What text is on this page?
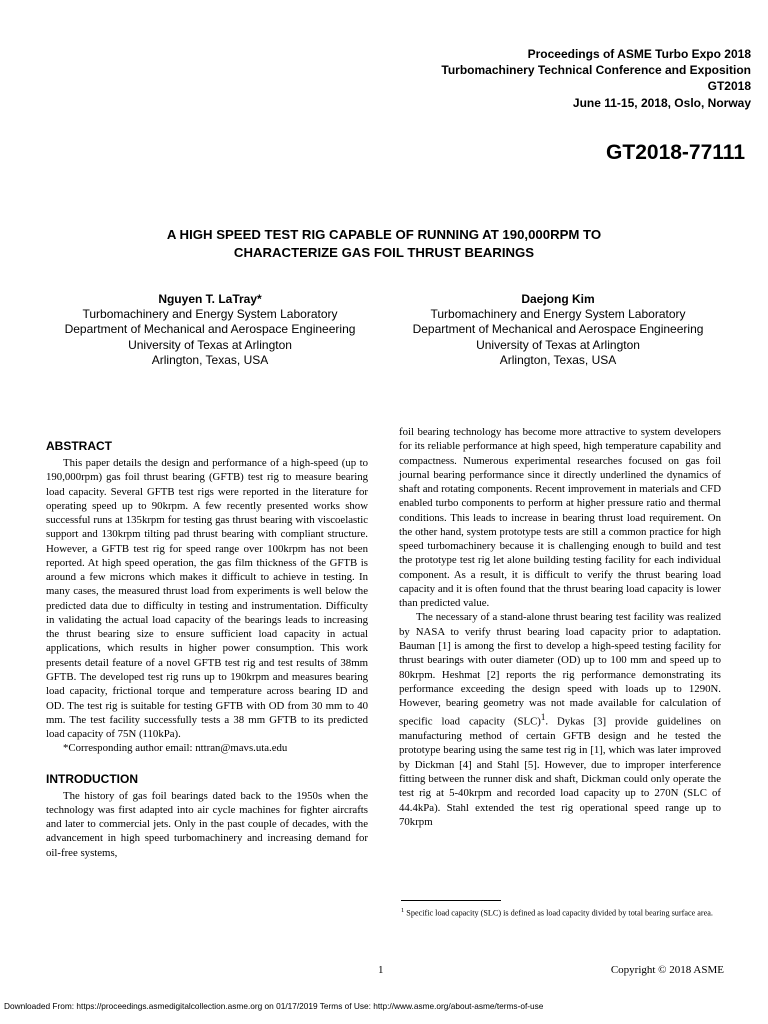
Proceedings of ASME Turbo Expo 2018
Turbomachinery Technical Conference and Exposition
GT2018
June 11-15, 2018, Oslo, Norway
GT2018-77111
A HIGH SPEED TEST RIG CAPABLE OF RUNNING AT 190,000RPM TO
CHARACTERIZE GAS FOIL THRUST BEARINGS
Nguyen T. LaTray*
Turbomachinery and Energy System Laboratory
Department of Mechanical and Aerospace Engineering
University of Texas at Arlington
Arlington, Texas, USA
Daejong Kim
Turbomachinery and Energy System Laboratory
Department of Mechanical and Aerospace Engineering
University of Texas at Arlington
Arlington, Texas, USA
ABSTRACT

This paper details the design and performance of a high-speed (up to 190,000rpm) gas foil thrust bearing (GFTB) test rig to measure bearing load capacity. Several GFTB test rigs were reported in the literature for operating speed up to 90krpm. A few recently presented works show successful runs at 135krpm for testing gas thrust bearing with viscoelastic support and 130krpm tilting pad thrust bearing with compliant structure. However, a GFTB test rig for speed range over 100krpm has not been reported. At high speed operation, the gas film thickness of the GFTB is around a few microns which makes it difficult to achieve in testing. In many cases, the measured thrust load from experiments is well below the predicted data due to difficulty in testing and instrumentation. Difficulty in validating the actual load capacity of the bearings leads to increasing the thrust bearing size to ensure sufficient load capacity in actual applications, which results in higher power consumption. This work presents detail feature of a novel GFTB test rig and test results of 38mm GFTB. The developed test rig runs up to 190krpm and measures bearing load capacity, frictional torque and temperature across bearing ID and OD. The test rig is suitable for testing GFTB with OD from 30 mm to 40 mm. The test facility successfully tests a 38 mm GFTB to its predicted load capacity of 75N (110kPa).

*Corresponding author email: nttran@mavs.uta.edu

INTRODUCTION

The history of gas foil bearings dated back to the 1950s when the technology was first adapted into air cycle machines for fighter aircrafts and later to commercial jets. Only in the past couple of decades, with the advancement in high speed turbomachinery and increasing demand for oil-free systems,

foil bearing technology has become more attractive to system developers for its reliable performance at high speed, high temperature capability and compactness. Numerous experimental researches focused on gas foil journal bearing performance since it directly underlined the dynamics of shaft and rotating components. Recent improvement in materials and CFD enabled turbo components to perform at higher pressure ratio and thermal conditions. This leads to increase in bearing thrust load requirement. On the other hand, system prototype tests are still a common practice for high speed turbomachinery because it is challenging enough to build and test the prototype test rig let alone building testing facility for each individual component. As a result, it is difficult to verify the thrust bearing load capacity and it is often found that the thrust bearing load capacity is lower than predicted value.

The necessary of a stand-alone thrust bearing test facility was realized by NASA to verify thrust bearing load capacity prior to adaptation. Bauman [1] is among the first to develop a high-speed testing facility for thrust bearings with outer diameter (OD) up to 100 mm and speed up to 80krpm. Heshmat [2] reports the rig performance demonstrating its performance exceeding the design speed with loads up to 1290N. However, bearing geometry was not made available for calculation of specific load capacity (SLC)$^1$. Dykas [3] provide guidelines on manufacturing method of certain GFTB design and he tested the prototype bearing using the same test rig in [1], which was later improved by Dickman [4] and Stahl [5]. However, due to improper interference fitting between the runner disk and shaft, Dickman could only operate the test rig at 5-40krpm and recorded load capacity up to 270N (SLC of 44.4kPa). Stahl extended the test rig operational speed range up to 70krpm

$^1$ Specific load capacity (SLC) is defined as load capacity divided by total bearing surface area.
1	Copyright © 2018 ASME
Downloaded From: https://proceedings.asmedigitalcollection.asme.org on 01/17/2019 Terms of Use: http://www.asme.org/about-asme/terms-of-use
